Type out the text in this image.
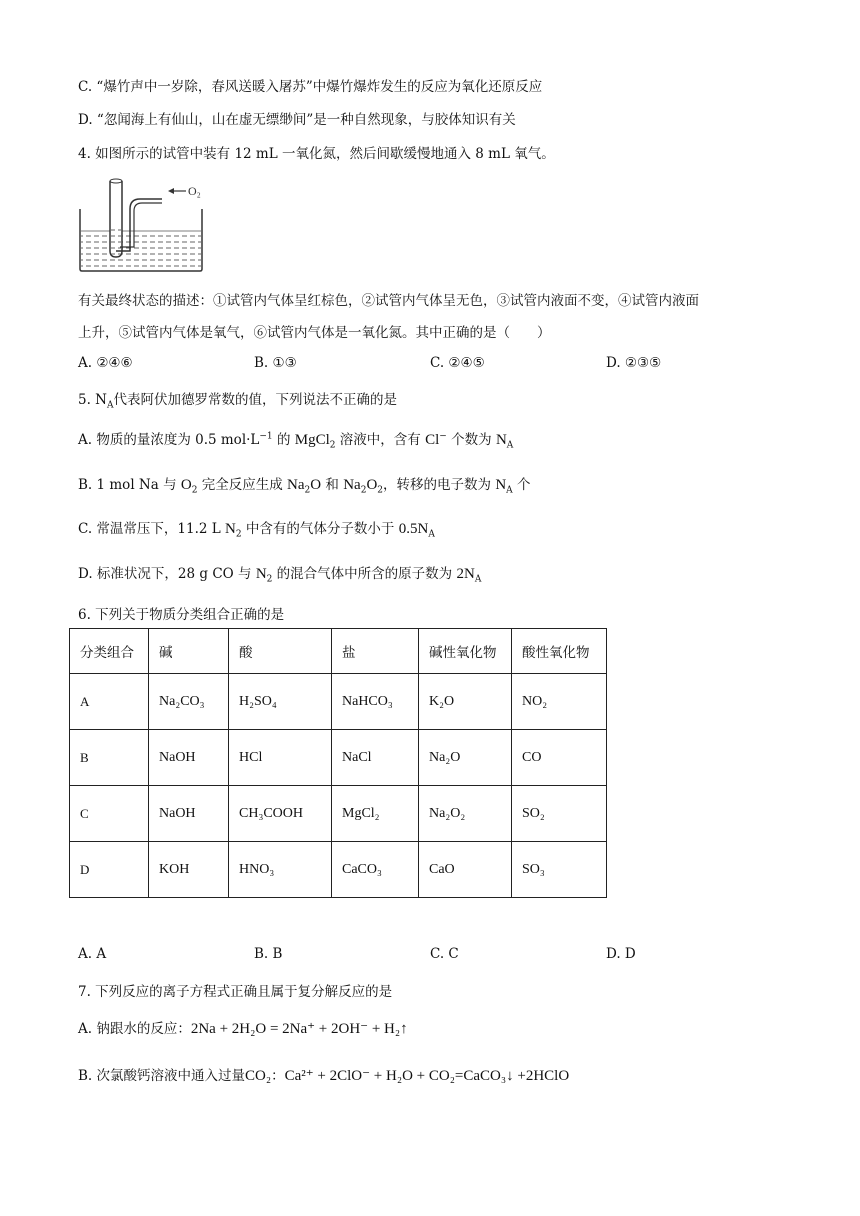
C. “爆竹声中一岁除，春风送暖入屠苏”中爆竹爆炸发生的反应为氧化还原反应
D. “忽闻海上有仙山，山在虚无缥缈间”是一种自然现象，与胶体知识有关
4. 如图所示的试管中装有 12 mL 一氧化氮，然后间歇缓慢地通入 8 mL 氧气。
O₂
有关最终状态的描述：①试管内气体呈红棕色，②试管内气体呈无色，③试管内液面不变，④试管内液面
上升，⑤试管内气体是氧气，⑥试管内气体是一氧化氮。其中正确的是（　　）
A. ②④⑥	B. ①③	C. ②④⑤	D. ②③⑤
5. $N_A$代表阿伏加德罗常数的值，下列说法不正确的是
A. 物质的量浓度为 0.5 $mol\cdot L^{-1}$ 的 MgCl$_2$ 溶液中，含有 Cl− 个数为 $N_A$
B. 1 mol Na 与 $O_2$ 完全反应生成 $Na_2O$ 和 $Na_2O_2$，转移的电子数为 $N_A$ 个
C. 常温常压下，11.2 L $N_2$ 中含有的气体分子数小于 $0.5N_A$
D. 标准状况下，28 g CO 与 $N_2$ 的混合气体中所含的原子数为 $2N_A$
6. 下列关于物质分类组合正确的是
分类组合	碱	酸	盐	碱性氧化物	酸性氧化物
A	Na₂CO₃	H₂SO₄	NaHCO₃	K₂O	NO₂
B	NaOH	HCl	NaCl	Na₂O	CO
C	NaOH	CH₃COOH	MgCl₂	Na₂O₂	SO₂
D	KOH	HNO₃	CaCO₃	CaO	SO₃
A. A	B. B	C. C	D. D
7. 下列反应的离子方程式正确且属于复分解反应的是
A. 钠跟水的反应：2Na + 2H₂O = 2Na⁺ + 2OH⁻ + H₂↑
B. 次氯酸钙溶液中通入过量CO₂：Ca²⁺ + 2ClO⁻ + H₂O + CO₂=CaCO₃↓ +2HClO
